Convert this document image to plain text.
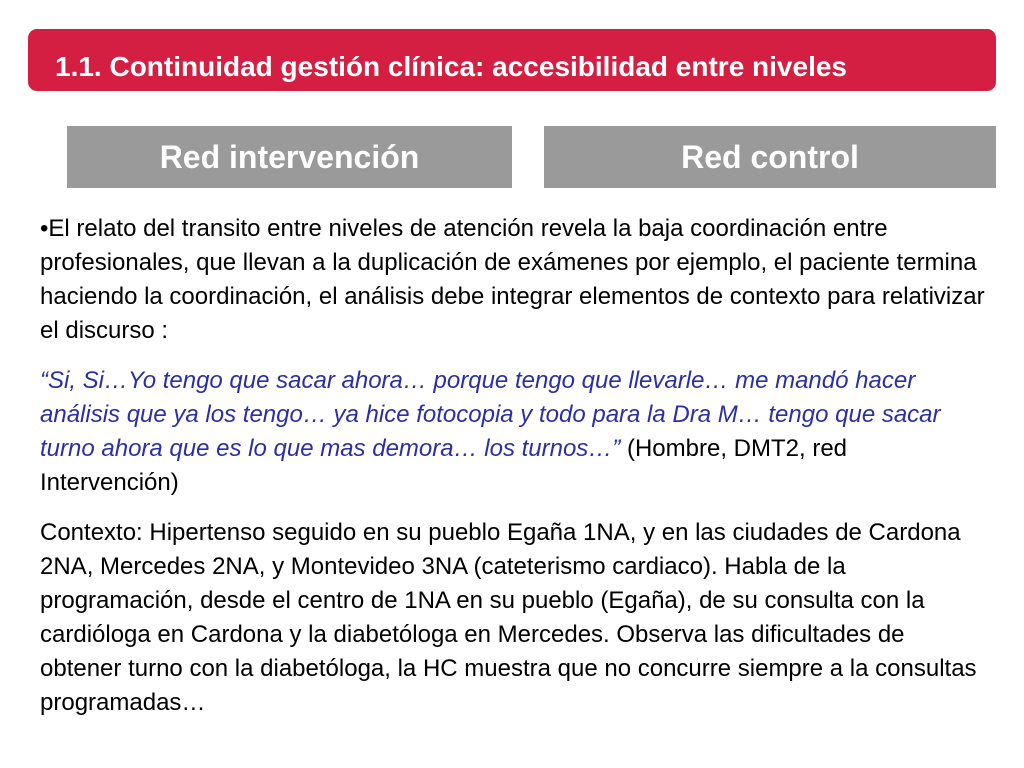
1.1. Continuidad gestión clínica: accesibilidad entre niveles
Red intervención	Red control

•El relato del transito entre niveles de atención revela la baja coordinación entre profesionales, que llevan a la duplicación de exámenes por ejemplo, el paciente termina haciendo la coordinación, el análisis debe integrar elementos de contexto para relativizar el discurso :

“Si, Si…Yo tengo que sacar ahora… porque tengo que llevarle… me mandó hacer análisis que ya los tengo… ya hice fotocopia y todo para la Dra M… tengo que sacar turno ahora que es lo que mas demora… los turnos…” (Hombre, DMT2, red Intervención)

Contexto: Hipertenso seguido en su pueblo Egaña 1NA, y en las ciudades de Cardona 2NA, Mercedes 2NA, y Montevideo 3NA (cateterismo cardiaco). Habla de la programación, desde el centro de 1NA en su pueblo (Egaña), de su consulta con la cardióloga en Cardona y la diabetóloga en Mercedes. Observa las dificultades de obtener turno con la diabetóloga, la HC muestra que no concurre siempre a la consultas programadas…
